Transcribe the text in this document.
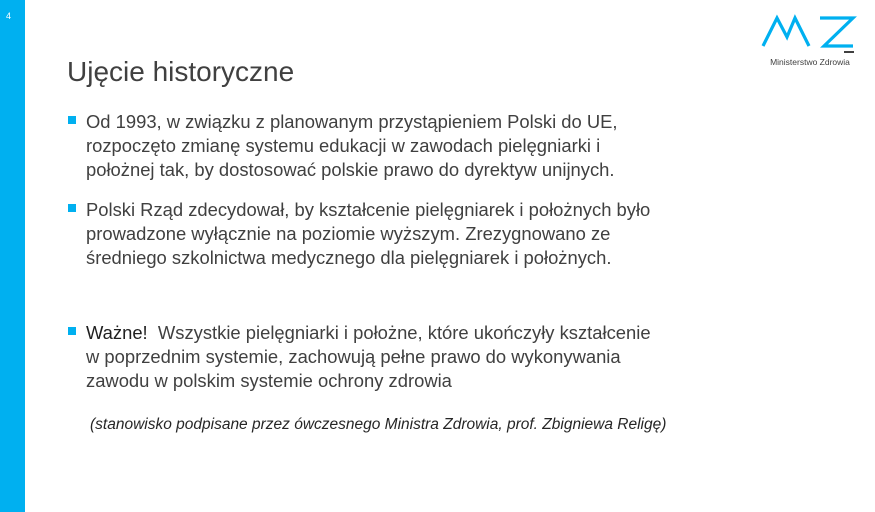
4
Ministerstwo Zdrowia
Ujęcie historyczne
Od 1993, w związku z planowanym przystąpieniem Polski do UE,
rozpoczęto zmianę systemu edukacji w zawodach pielęgniarki i
położnej tak, by dostosować polskie prawo do dyrektyw unijnych.
Polski Rząd zdecydował, by kształcenie pielęgniarek i położnych było
prowadzone wyłącznie na poziomie wyższym. Zrezygnowano ze
średniego szkolnictwa medycznego dla pielęgniarek i położnych.
Ważne! Wszystkie pielęgniarki i położne, które ukończyły kształcenie
w poprzednim systemie, zachowują pełne prawo do wykonywania
zawodu w polskim systemie ochrony zdrowia
(stanowisko podpisane przez ówczesnego Ministra Zdrowia, prof. Zbigniewa Religę)
